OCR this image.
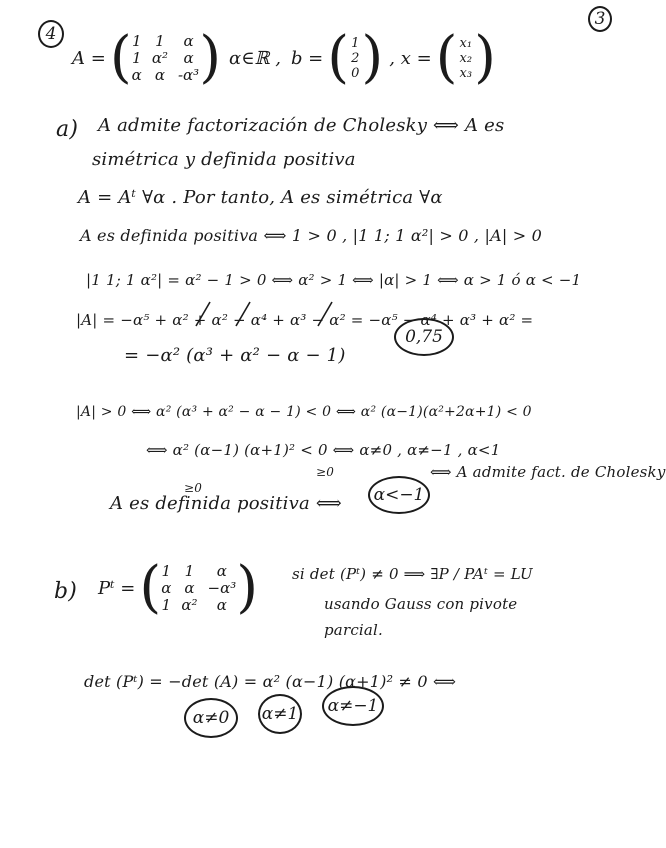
4
3
A = ( 1 1	α
1 α²	α
α α -α³ ) α∈ℝ , b = ( 1
2
0 ) , x = ( x₁
x₂
x₃ )
a) A admite factorización de Cholesky ⟺ A es
simétrica y definida positiva
A = Aᵗ ∀α . Por tanto, A es simétrica ∀α
A es definida positiva ⟺ 1 > 0 , |1 1; 1 α²| > 0 , |A| > 0
|1 1; 1 α²| = α² − 1 > 0 ⟺ α² > 1 ⟺ |α| > 1 ⟺ α > 1 ó α < −1
|A| = −α⁵ + α² + α² − α⁴ + α³ − α² = −α⁵ − α⁴ + α³ + α² =
= −α² (α³ + α² − α − 1)
|A| > 0 ⟺ α² (α³ + α² − α − 1) < 0 ⟺ α² (α−1)(α²+2α+1) < 0
⟺ α² (α−1) (α+1)² < 0 ⟺ α≠0 , α≠−1 , α<1
≥0
≥0
0,75
A es definida positiva ⟺ α<−1
⟺ A admite fact. de Cholesky
b) Pᵗ = ( 1 1	α
α α −α³
1 α²	α ) si det (Pᵗ) ≠ 0 ⟹ ∃P / PAᵗ = LU
usando Gauss con pivote
parcial.
det (Pᵗ) = −det (A) = α² (α−1) (α+1)² ≠ 0 ⟺
α≠0 α≠1 α≠−1
